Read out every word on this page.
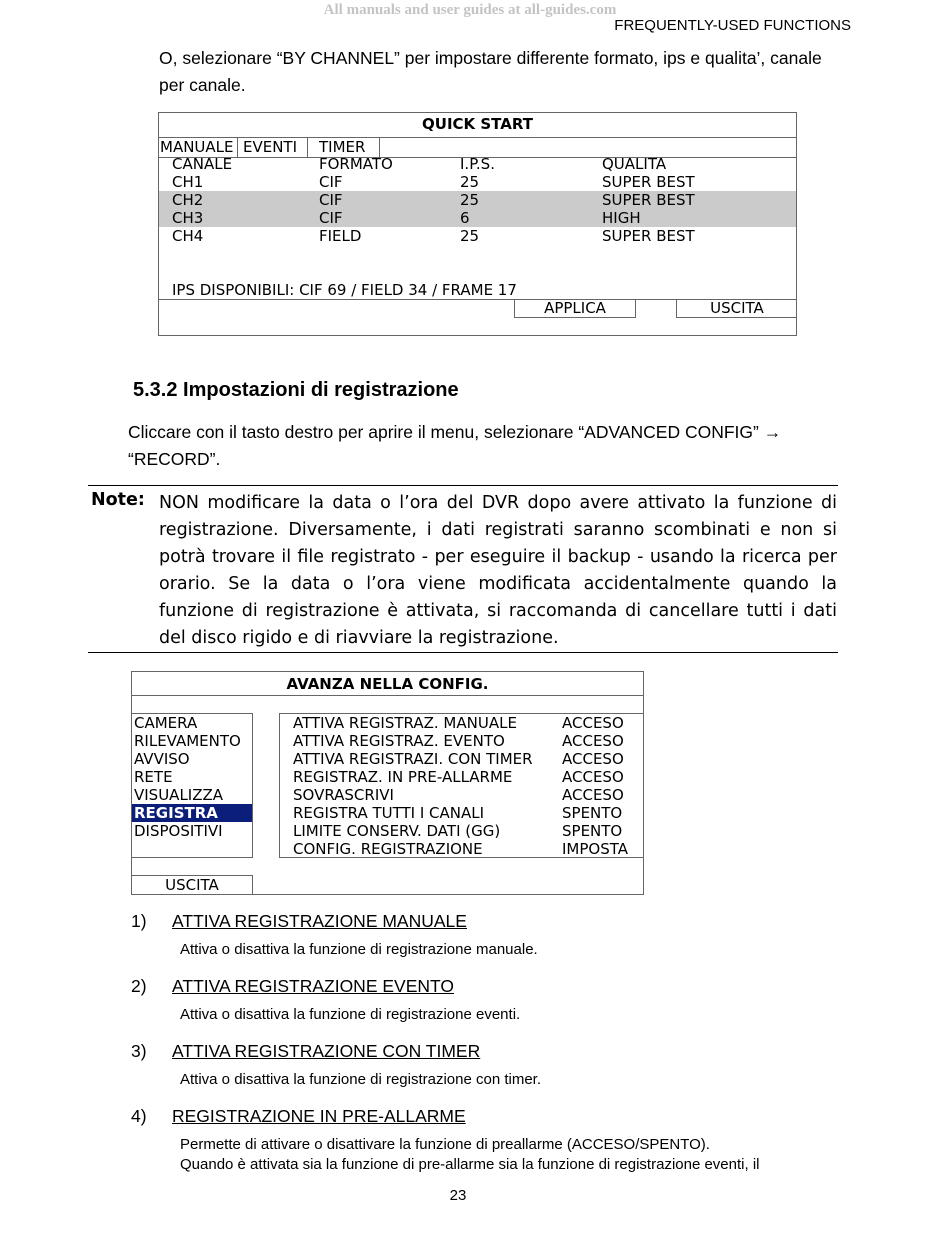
All manuals and user guides at all-guides.com
FREQUENTLY-USED FUNCTIONS
O, selezionare “BY CHANNEL” per impostare differente formato, ips e qualita’, canale per canale.
QUICK START
MANUALE EVENTI	TIMER
CANALE	FORMATO	I.P.S.	QUALITA
CH1	CIF	25	SUPER BEST
CH2	CIF	25	SUPER BEST
CH3	CIF	6	HIGH
CH4	FIELD	25	SUPER BEST
IPS DISPONIBILI: CIF 69 / FIELD 34 / FRAME 17
APPLICA	USCITA
5.3.2 Impostazioni di registrazione
Cliccare con il tasto destro per aprire il menu, selezionare “ADVANCED CONFIG” → “RECORD”.
Note: NON modificare la data o l’ora del DVR dopo avere attivato la funzione di registrazione. Diversamente, i dati registrati saranno scombinati e non si potrà trovare il file registrato - per eseguire il backup - usando la ricerca per orario. Se la data o l’ora viene modificata accidentalmente quando la funzione di registrazione è attivata, si raccomanda di cancellare tutti i dati del disco rigido e di riavviare la registrazione.
AVANZA NELLA CONFIG.
CAMERA
RILEVAMENTO
AVVISO
RETE
VISUALIZZA
REGISTRA
DISPOSITIVI
ATTIVA REGISTRAZ. MANUALE	ACCESO
ATTIVA REGISTRAZ. EVENTO	ACCESO
ATTIVA REGISTRAZI. CON TIMER ACCESO
REGISTRAZ. IN PRE-ALLARME	ACCESO
SOVRASCRIVI	ACCESO
REGISTRA TUTTI I CANALI	SPENTO
LIMITE CONSERV. DATI (GG)	SPENTO
CONFIG. REGISTRAZIONE	IMPOSTA
USCITA
1) ATTIVA REGISTRAZIONE MANUALE
Attiva o disattiva la funzione di registrazione manuale.
2) ATTIVA REGISTRAZIONE EVENTO
Attiva o disattiva la funzione di registrazione eventi.
3) ATTIVA REGISTRAZIONE CON TIMER
Attiva o disattiva la funzione di registrazione con timer.
4) REGISTRAZIONE IN PRE-ALLARME
Permette di attivare o disattivare la funzione di preallarme (ACCESO/SPENTO).
Quando è attivata sia la funzione di pre-allarme sia la funzione di registrazione eventi, il
23
